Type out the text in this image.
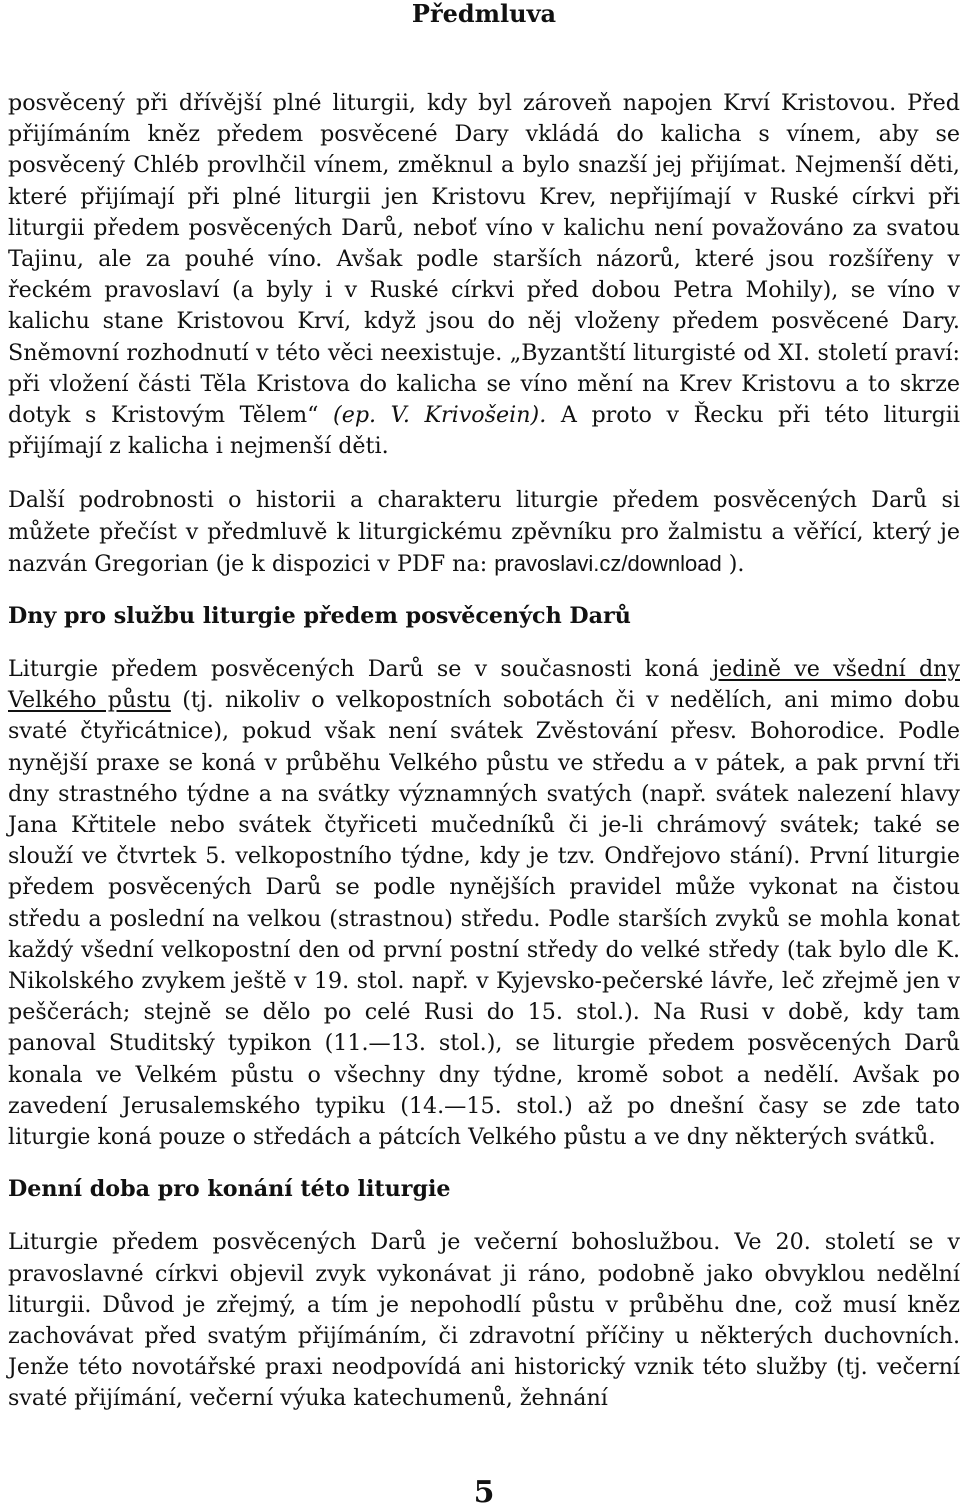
Předmluva

posvěcený při dřívější plné liturgii, kdy byl zároveň napojen Krví Kristovou. Před přijímáním kněz předem posvěcené Dary vkládá do kalicha s vínem, aby se posvěcený Chléb provlhčil vínem, změknul a bylo snazší jej přijímat. Nejmenší děti, které přijímají při plné liturgii jen Kristovu Krev, nepřijímají v Ruské církvi při liturgii předem posvěcených Darů, neboť víno v kalichu není považováno za svatou Tajinu, ale za pouhé víno. Avšak podle starších názorů, které jsou rozšířeny v řeckém pravoslaví (a byly i v Ruské církvi před dobou Petra Mohily), se víno v kalichu stane Kristovou Krví, když jsou do něj vloženy předem posvěcené Dary. Sněmovní rozhodnutí v této věci neexistuje. „Byzantští liturgisté od XI. století praví: při vložení části Těla Kristova do kalicha se víno mění na Krev Kristovu a to skrze dotyk s Kristovým Tělem“ (ep. V. Krivošein). A proto v Řecku při této liturgii přijímají z kalicha i nejmenší děti.

Další podrobnosti o historii a charakteru liturgie předem posvěcených Darů si můžete přečíst v předmluvě k liturgickému zpěvníku pro žalmistu a věřící, který je nazván Gregorian (je k dispozici v PDF na: pravoslavi.cz/download ).

Dny pro službu liturgie předem posvěcených Darů

Liturgie předem posvěcených Darů se v současnosti koná jedině ve všední dny Velkého půstu (tj. nikoliv o velkopostních sobotách či v nedělích, ani mimo dobu svaté čtyřicátnice), pokud však není svátek Zvěstování přesv. Bohorodice. Podle nynější praxe se koná v průběhu Velkého půstu ve středu a v pátek, a pak první tři dny strastného týdne a na svátky významných svatých (např. svátek nalezení hlavy Jana Křtitele nebo svátek čtyřiceti mučedníků či je-li chrámový svátek; také se slouží ve čtvrtek 5. velkopostního týdne, kdy je tzv. Ondřejovo stání). První liturgie předem posvěcených Darů se podle nynějších pravidel může vykonat na čistou středu a poslední na velkou (strastnou) středu. Podle starších zvyků se mohla konat každý všední velkopostní den od první postní středy do velké středy (tak bylo dle K. Nikolského zvykem ještě v 19. stol. např. v Kyjevsko-pečerské lávře, leč zřejmě jen v peščerách; stejně se dělo po celé Rusi do 15. stol.). Na Rusi v době, kdy tam panoval Studitský typikon (11.—13. stol.), se liturgie předem posvěcených Darů konala ve Velkém půstu o všechny dny týdne, kromě sobot a nedělí. Avšak po zavedení Jerusalemského typiku (14.—15. stol.) až po dnešní časy se zde tato liturgie koná pouze o středách a pátcích Velkého půstu a ve dny některých svátků.

Denní doba pro konání této liturgie

Liturgie předem posvěcených Darů je večerní bohoslužbou. Ve 20. století se v pravoslavné církvi objevil zvyk vykonávat ji ráno, podobně jako obvyklou nedělní liturgii. Důvod je zřejmý, a tím je nepohodlí půstu v průběhu dne, což musí kněz zachovávat před svatým přijímáním, či zdravotní příčiny u některých duchovních. Jenže této novotářské praxi neodpovídá ani historický vznik této služby (tj. večerní svaté přijímání, večerní výuka katechumenů, žehnání

5
